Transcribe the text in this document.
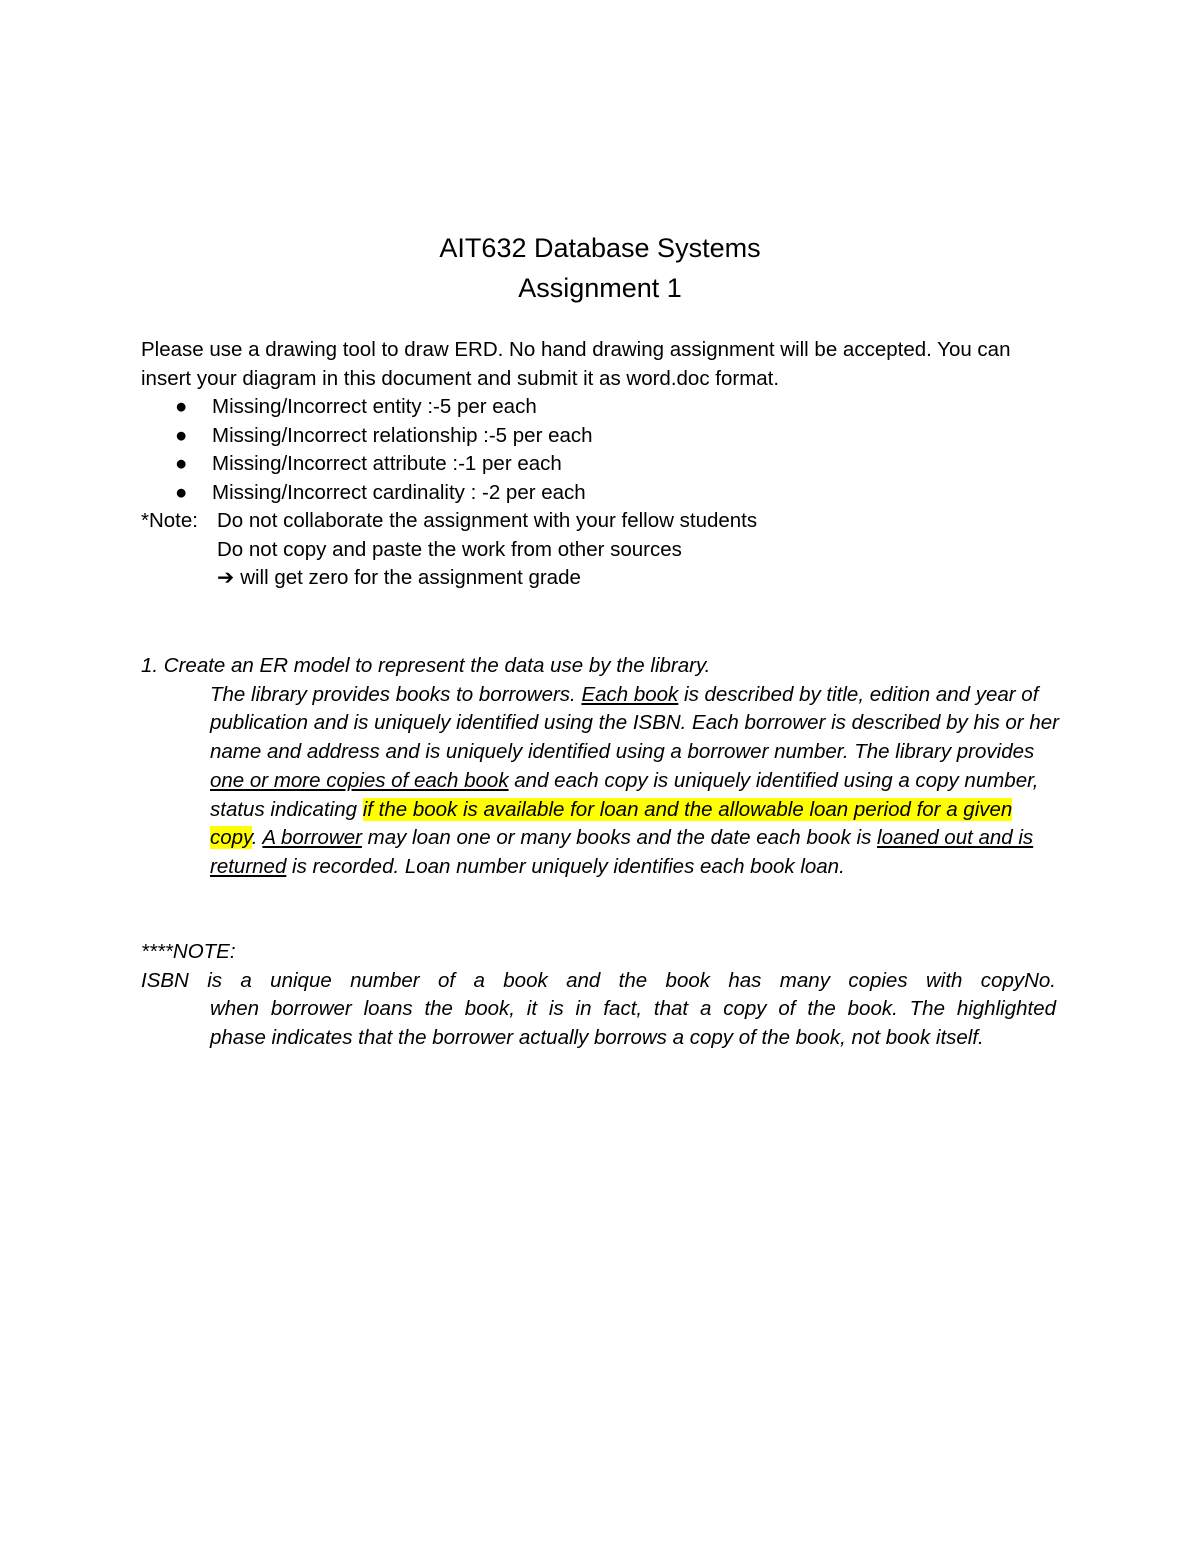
AIT632 Database Systems
Assignment 1

Please use a drawing tool to draw ERD. No hand drawing assignment will be accepted. You can insert your diagram in this document and submit it as word.doc format.

● Missing/Incorrect entity :-5 per each
● Missing/Incorrect relationship :-5 per each
● Missing/Incorrect attribute :-1 per each
● Missing/Incorrect cardinality : -2 per each
*Note: Do not collaborate the assignment with your fellow students
Do not copy and paste the work from other sources
➔ will get zero for the assignment grade

1. Create an ER model to represent the data use by the library.

The library provides books to borrowers. Each book is described by title, edition and year of publication and is uniquely identified using the ISBN. Each borrower is described by his or her name and address and is uniquely identified using a borrower number. The library provides one or more copies of each book and each copy is uniquely identified using a copy number, status indicating if the book is available for loan and the allowable loan period for a given copy. A borrower may loan one or many books and the date each book is loaned out and is returned is recorded. Loan number uniquely identifies each book loan.

****NOTE:

ISBN is a unique number of a book and the book has many copies with copyNo.

when borrower loans the book, it is in fact, that a copy of the book. The highlighted

phase indicates that the borrower actually borrows a copy of the book, not book itself.
